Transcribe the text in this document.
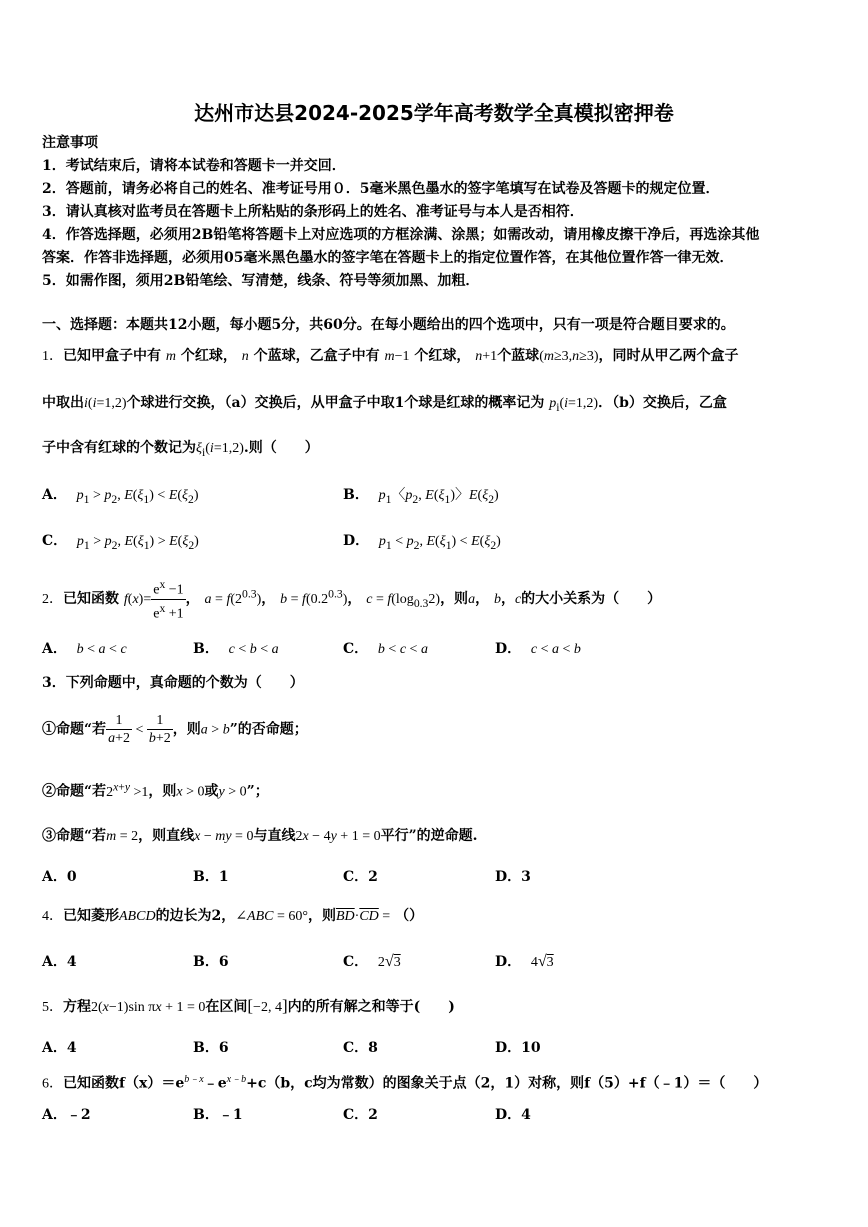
达州市达县2024-2025学年高考数学全真模拟密押卷
注意事项
1．考试结束后，请将本试卷和答题卡一并交回．
2．答题前，请务必将自己的姓名、准考证号用０．5毫米黑色墨水的签字笔填写在试卷及答题卡的规定位置．
3．请认真核对监考员在答题卡上所粘贴的条形码上的姓名、准考证号与本人是否相符．
4．作答选择题，必须用2B铅笔将答题卡上对应选项的方框涂满、涂黑；如需改动，请用橡皮擦干净后，再选涂其他
答案．作答非选择题，必须用05毫米黑色墨水的签字笔在答题卡上的指定位置作答，在其他位置作答一律无效．
5．如需作图，须用2B铅笔绘、写清楚，线条、符号等须加黑、加粗．
一、选择题：本题共12小题，每小题5分，共60分。在每小题给出的四个选项中，只有一项是符合题目要求的。
1．已知甲盒子中有 m 个红球， n 个蓝球，乙盒子中有 m−1 个红球， n+1个蓝球(m≥3,n≥3)，同时从甲乙两个盒子
中取出i(i=1,2)个球进行交换，（a）交换后，从甲盒子中取1个球是红球的概率记为 $p_i(i=1,2)$．（b）交换后，乙盒
子中含有红球的个数记为$\xi_i(i=1,2)$.则（　　）
A． $p_1 > p_2$, $E(\xi_1) < E(\xi_2)$	B． $p_1$〈$p_2$, $E(\xi_1)$〉$E(\xi_2)$
C． $p_1 > p_2$, $E(\xi_1) > E(\xi_2)$	D． $p_1 < p_2$, $E(\xi_1) < E(\xi_2)$
2．已知函数 $f(x)= \frac{e^x -1}{e^x +1}$ ， $a = f(2^{0.3})$， $b = f(0.2^{0.3})$， $c = f(\log_{0.3}2)$，则a， b，c的大小关系为（　　）
A． b < a < c	B． c < b < a	C． b < c < a	D． c < a < b
3．下列命题中，真命题的个数为（　　）
①命题“若 $\frac{1}{a+2} < \frac{1}{b+2}$ ，则a > b”的否命题；
②命题“若$2^{x+y} >1$，则x > 0或y > 0”；
③命题“若m = 2，则直线x − my = 0与直线2x − 4y + 1 = 0平行”的逆命题.
A．0	B．1	C．2	D．3
4．已知菱形ABCD的边长为2，∠ABC = 60°，则$\overline{BD}\cdot\overline{CD}$ = （）
A．4	B．6	C． 2√3	D． 4√3
5．方程2(x−1)sin πx + 1 = 0在区间[−2, 4]内的所有解之和等于(　　)
A．4	B．6	C．8	D．10
6．已知函数$f(x)=e^{b﹣x}﹣e^{x﹣b}+c(b$，c均为常数）的图象关于点（2，1）对称，则f（5）+f（﹣1）＝（　　）
A．﹣2	B．﹣1	C．2	D．4
